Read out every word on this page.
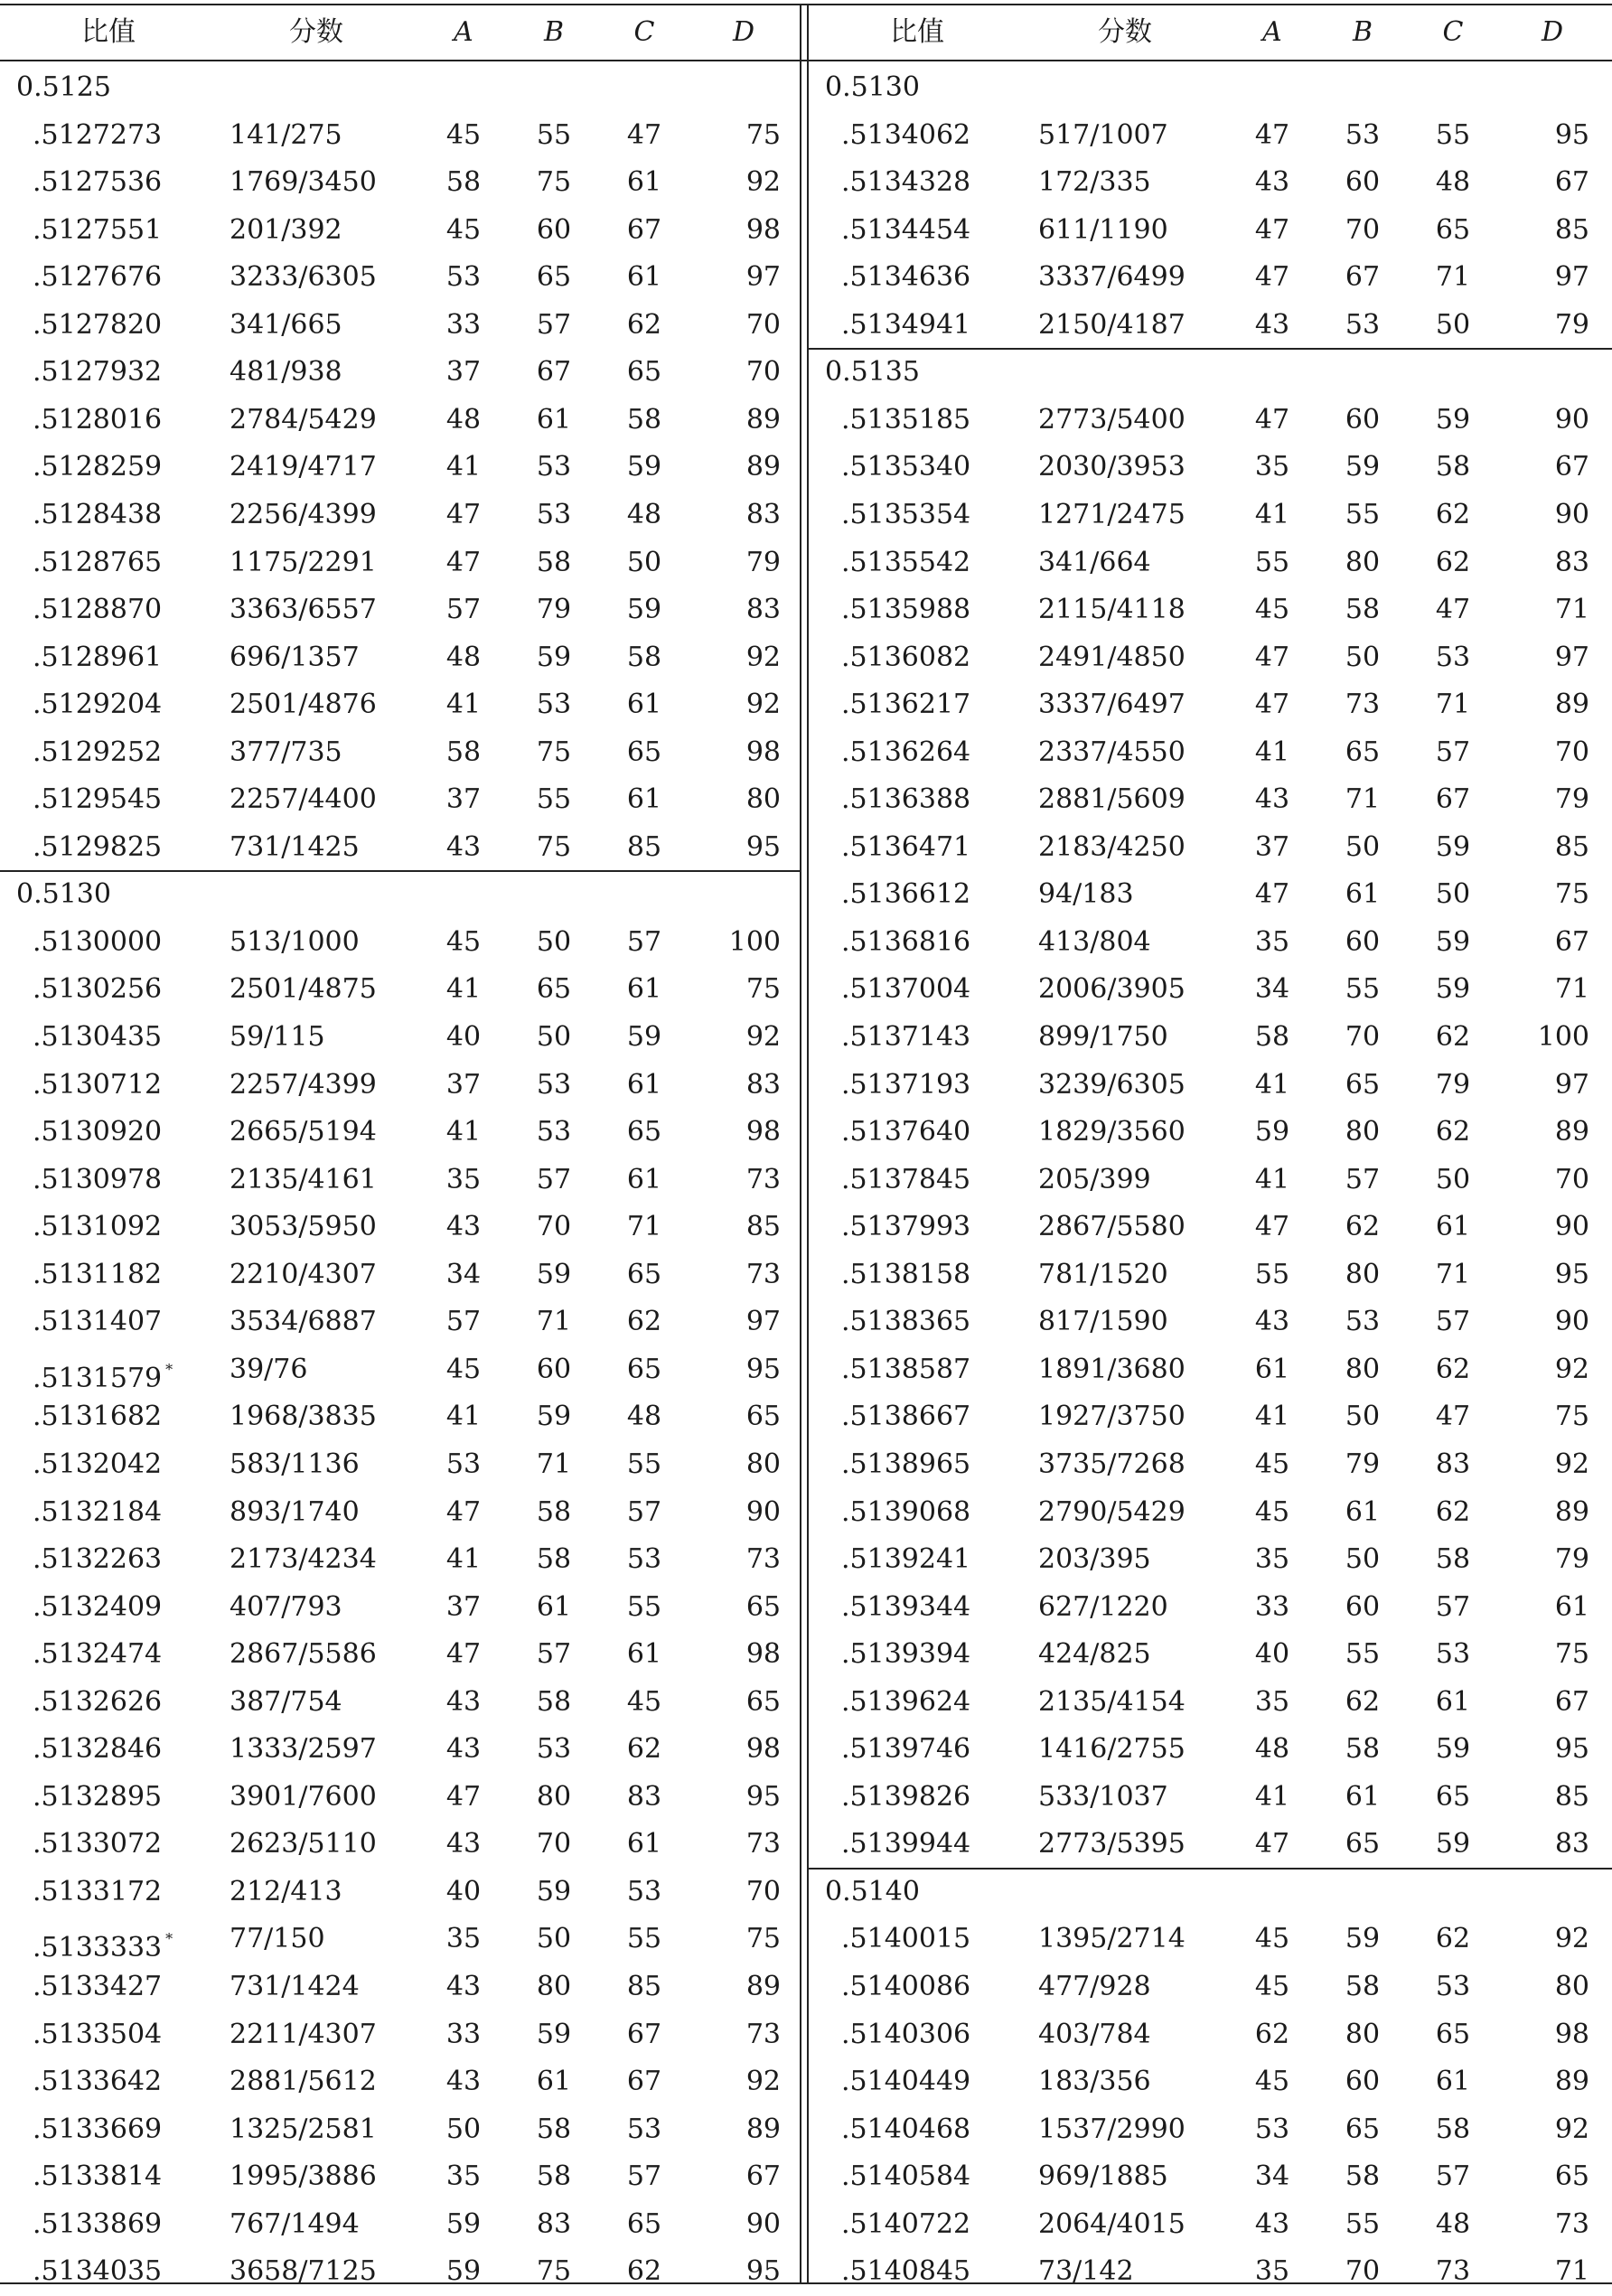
比值	分数	A	B	C	D
0.5125
.5127273 141/275	45 55 47	75
.5127536 1769/3450	58 75 61	92
.5127551 201/392	45 60 67	98
.5127676 3233/6305	53 65 61	97
.5127820 341/665	33 57 62	70
.5127932 481/938	37 67 65	70
.5128016 2784/5429	48 61 58	89
.5128259 2419/4717	41 53 59	89
.5128438 2256/4399	47 53 48	83
.5128765 1175/2291	47 58 50	79
.5128870 3363/6557	57 79 59	83
.5128961 696/1357	48 59 58	92
.5129204 2501/4876	41 53 61	92
.5129252 377/735	58 75 65	98
.5129545 2257/4400	37 55 61	80
.5129825 731/1425	43 75 85	95
0.5130
.5130000 513/1000	45 50 57 100
.5130256 2501/4875	41 65 61	75
.5130435 59/115	40 50 59	92
.5130712 2257/4399	37 53 61	83
.5130920 2665/5194	41 53 65	98
.5130978 2135/4161	35 57 61	73
.5131092 3053/5950	43 70 71	85
.5131182 2210/4307	34 59 65	73
.5131407 3534/6887	57 71 62	97
.5131579 * 39/76	45 60 65	95
.5131682 1968/3835	41 59 48	65
.5132042 583/1136	53 71 55	80
.5132184 893/1740	47 58 57	90
.5132263 2173/4234	41 58 53	73
.5132409 407/793	37 61 55	65
.5132474 2867/5586	47 57 61	98
.5132626 387/754	43 58 45	65
.5132846 1333/2597	43 53 62	98
.5132895 3901/7600	47 80 83	95
.5133072 2623/5110	43 70 61	73
.5133172 212/413	40 59 53	70
.5133333 * 77/150	35 50 55	75
.5133427 731/1424	43 80 85	89
.5133504 2211/4307	33 59 67	73
.5133642 2881/5612	43 61 67	92
.5133669 1325/2581	50 58 53	89
.5133814 1995/3886	35 58 57	67
.5133869 767/1494	59 83 65	90
.5134035 3658/7125	59 75 62	95
比值	分数	A	B	C	D
0.5130
.5134062 517/1007	47 53 55	95
.5134328 172/335	43 60 48	67
.5134454 611/1190	47 70 65	85
.5134636 3337/6499	47 67 71	97
.5134941 2150/4187	43 53 50	79
0.5135
.5135185 2773/5400	47 60 59	90
.5135340 2030/3953	35 59 58	67
.5135354 1271/2475	41 55 62	90
.5135542 341/664	55 80 62	83
.5135988 2115/4118	45 58 47	71
.5136082 2491/4850	47 50 53	97
.5136217 3337/6497	47 73 71	89
.5136264 2337/4550	41 65 57	70
.5136388 2881/5609	43 71 67	79
.5136471 2183/4250	37 50 59	85
.5136612 94/183	47 61 50	75
.5136816 413/804	35 60 59	67
.5137004 2006/3905	34 55 59	71
.5137143 899/1750	58 70 62 100
.5137193 3239/6305	41 65 79	97
.5137640 1829/3560	59 80 62	89
.5137845 205/399	41 57 50	70
.5137993 2867/5580	47 62 61	90
.5138158 781/1520	55 80 71	95
.5138365 817/1590	43 53 57	90
.5138587 1891/3680	61 80 62	92
.5138667 1927/3750	41 50 47	75
.5138965 3735/7268	45 79 83	92
.5139068 2790/5429	45 61 62	89
.5139241 203/395	35 50 58	79
.5139344 627/1220	33 60 57	61
.5139394 424/825	40 55 53	75
.5139624 2135/4154	35 62 61	67
.5139746 1416/2755	48 58 59	95
.5139826 533/1037	41 61 65	85
.5139944 2773/5395	47 65 59	83
0.5140
.5140015 1395/2714	45 59 62	92
.5140086 477/928	45 58 53	80
.5140306 403/784	62 80 65	98
.5140449 183/356	45 60 61	89
.5140468 1537/2990	53 65 58	92
.5140584 969/1885	34 58 57	65
.5140722 2064/4015	43 55 48	73
.5140845 73/142	35 70 73	71
